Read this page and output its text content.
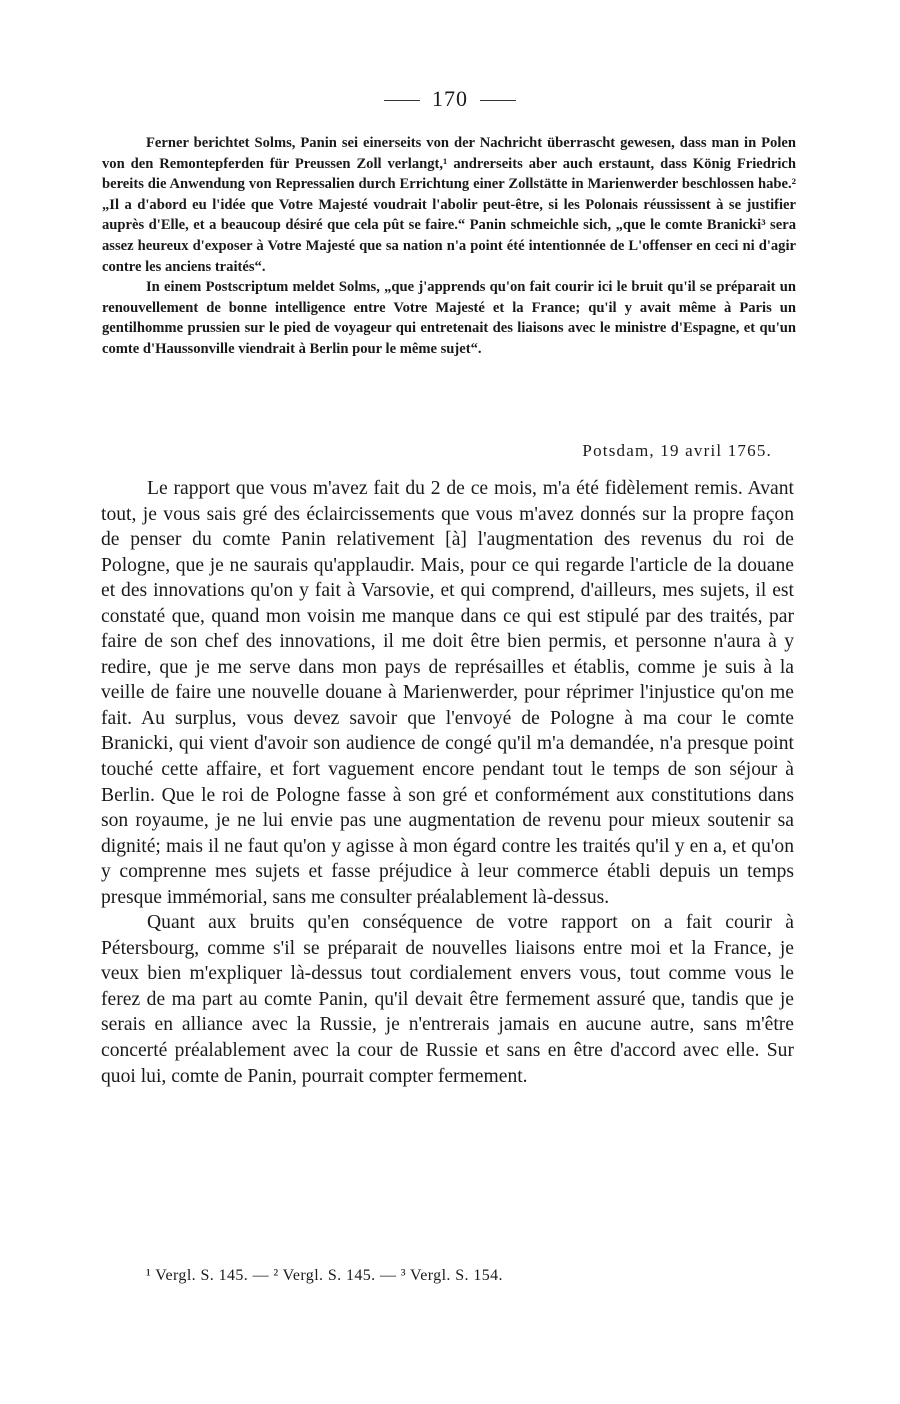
170

Ferner berichtet Solms, Panin sei einerseits von der Nachricht überrascht gewesen, dass man in Polen von den Remontepferden für Preussen Zoll verlangt,¹ andrerseits aber auch erstaunt, dass König Friedrich bereits die Anwendung von Repressalien durch Errichtung einer Zollstätte in Marienwerder beschlossen habe.² „Il a d'abord eu l'idée que Votre Majesté voudrait l'abolir peut-être, si les Polonais réussissent à se justifier auprès d'Elle, et a beaucoup désiré que cela pût se faire.“ Panin schmeichle sich, „que le comte Branicki³ sera assez heureux d'exposer à Votre Majesté que sa nation n'a point été intentionnée de L'offenser en ceci ni d'agir contre les anciens traités“.

In einem Postscriptum meldet Solms, „que j'apprends qu'on fait courir ici le bruit qu'il se préparait un renouvellement de bonne intelligence entre Votre Majesté et la France; qu'il y avait même à Paris un gentilhomme prussien sur le pied de voyageur qui entretenait des liaisons avec le ministre d'Espagne, et qu'un comte d'Haussonville viendrait à Berlin pour le même sujet“.

Potsdam, 19 avril 1765.

Le rapport que vous m'avez fait du 2 de ce mois, m'a été fidèlement remis. Avant tout, je vous sais gré des éclaircissements que vous m'avez donnés sur la propre façon de penser du comte Panin relativement [à] l'augmentation des revenus du roi de Pologne, que je ne saurais qu'applaudir. Mais, pour ce qui regarde l'article de la douane et des innovations qu'on y fait à Varsovie, et qui comprend, d'ailleurs, mes sujets, il est constaté que, quand mon voisin me manque dans ce qui est stipulé par des traités, par faire de son chef des innovations, il me doit être bien permis, et personne n'aura à y redire, que je me serve dans mon pays de représailles et établis, comme je suis à la veille de faire une nouvelle douane à Marienwerder, pour réprimer l'injustice qu'on me fait. Au surplus, vous devez savoir que l'envoyé de Pologne à ma cour le comte Branicki, qui vient d'avoir son audience de congé qu'il m'a demandée, n'a presque point touché cette affaire, et fort vaguement encore pendant tout le temps de son séjour à Berlin. Que le roi de Pologne fasse à son gré et conformément aux constitutions dans son royaume, je ne lui envie pas une augmentation de revenu pour mieux soutenir sa dignité; mais il ne faut qu'on y agisse à mon égard contre les traités qu'il y en a, et qu'on y comprenne mes sujets et fasse préjudice à leur commerce établi depuis un temps presque immémorial, sans me consulter préalablement là-dessus.

Quant aux bruits qu'en conséquence de votre rapport on a fait courir à Pétersbourg, comme s'il se préparait de nouvelles liaisons entre moi et la France, je veux bien m'expliquer là-dessus tout cordialement envers vous, tout comme vous le ferez de ma part au comte Panin, qu'il devait être fermement assuré que, tandis que je serais en alliance avec la Russie, je n'entrerais jamais en aucune autre, sans m'être concerté préalablement avec la cour de Russie et sans en être d'accord avec elle. Sur quoi lui, comte de Panin, pourrait compter fermement.

¹ Vergl. S. 145. — ² Vergl. S. 145. — ³ Vergl. S. 154.
